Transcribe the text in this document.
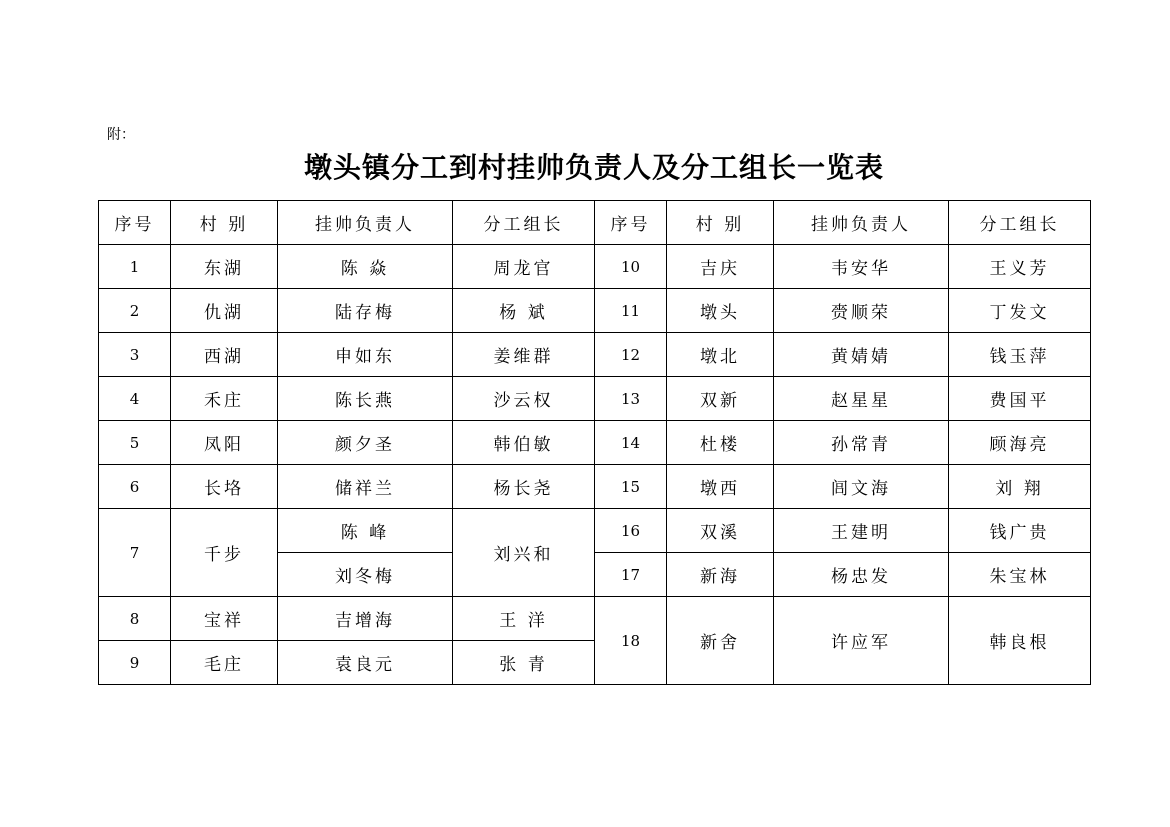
附：
墩头镇分工到村挂帅负责人及分工组长一览表
序号	村 别	挂帅负责人	分工组长
1	东湖	陈 焱	周龙官
2	仇湖	陆存梅	杨 斌
3	西湖	申如东	姜维群
4	禾庄	陈长燕	沙云权
5	凤阳	颜夕圣	韩伯敏
6	长垎	储祥兰	杨长尧
7	千步	陈 峰	刘兴和
		刘冬梅	
8	宝祥	吉增海	王 洋
9	毛庄	袁良元	张 青
序号	村 别	挂帅负责人	分工组长
10	吉庆	韦安华	王义芳
11	墩头	赍顺荣	丁发文
12	墩北	黄婧婧	钱玉萍
13	双新	赵星星	费国平
14	杜楼	孙常青	顾海亮
15	墩西	闾文海	刘 翔
16	双溪	王建明	钱广贵
17	新海	杨忠发	朱宝林
18	新舍	许应军	韩良根
